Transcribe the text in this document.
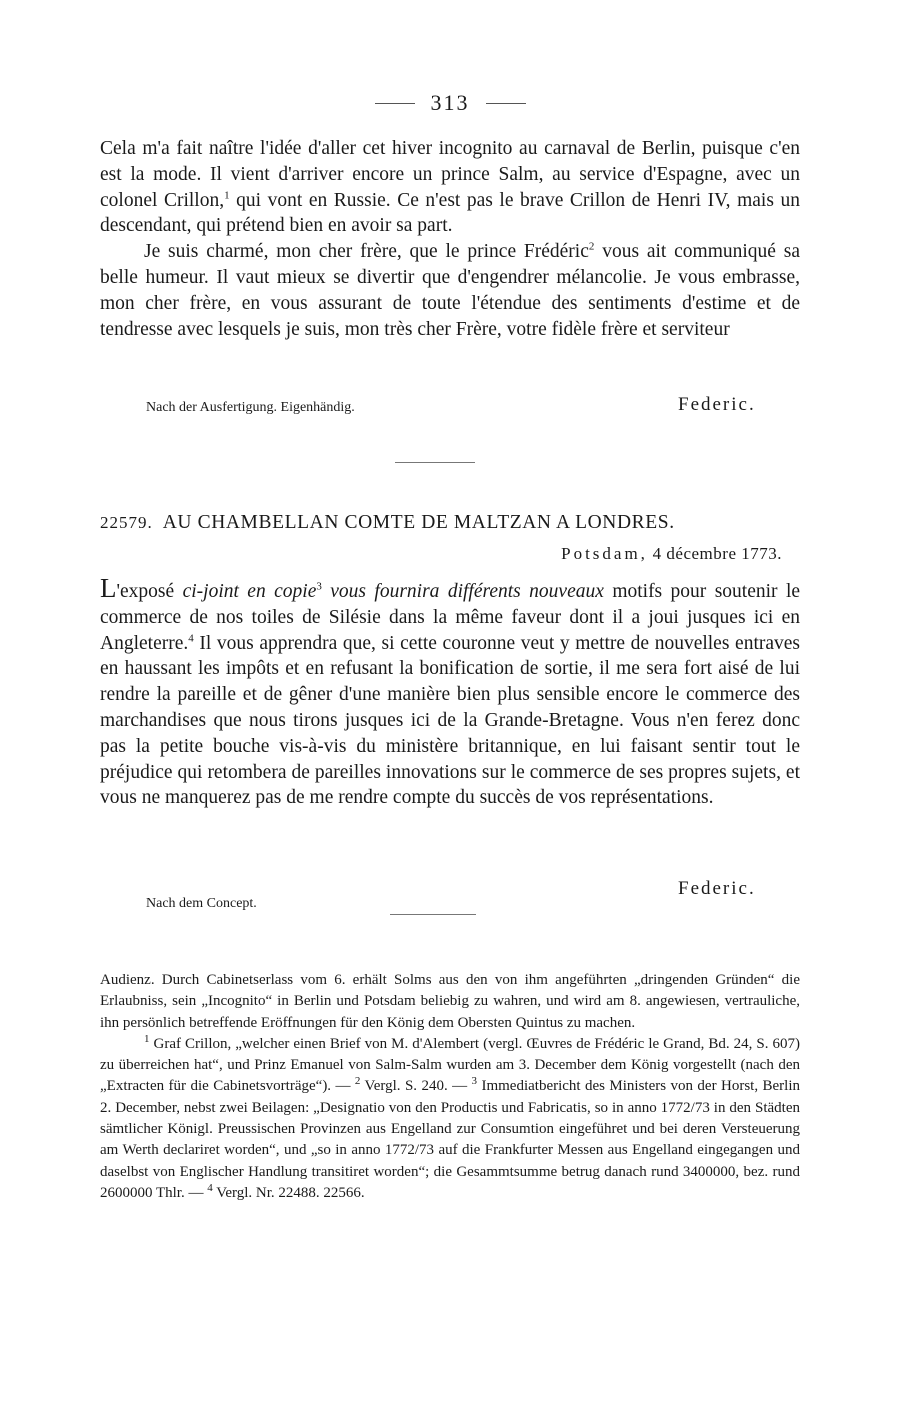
313

Cela m'a fait naître l'idée d'aller cet hiver incognito au carnaval de Berlin, puisque c'en est la mode. Il vient d'arriver encore un prince Salm, au service d'Espagne, avec un colonel Crillon,$^1$ qui vont en Russie. Ce n'est pas le brave Crillon de Henri IV, mais un descendant, qui prétend bien en avoir sa part.

Je suis charmé, mon cher frère, que le prince Frédéric$^2$ vous ait communiqué sa belle humeur. Il vaut mieux se divertir que d'engendrer mélancolie. Je vous embrasse, mon cher frère, en vous assurant de toute l'étendue des sentiments d'estime et de tendresse avec lesquels je suis, mon très cher Frère, votre fidèle frère et serviteur

Nach der Ausfertigung. Eigenhändig.	Federic.
22579. AU CHAMBELLAN COMTE DE MALTZAN A LONDRES.
Potsdam, 4 décembre 1773.

L'exposé ci-joint en copie$^3$ vous fournira différents nouveaux motifs pour soutenir le commerce de nos toiles de Silésie dans la même faveur dont il a joui jusques ici en Angleterre.$^4$ Il vous apprendra que, si cette couronne veut y mettre de nouvelles entraves en haussant les impôts et en refusant la bonification de sortie, il me sera fort aisé de lui rendre la pareille et de gêner d'une manière bien plus sensible encore le commerce des marchandises que nous tirons jusques ici de la Grande-Bretagne. Vous n'en ferez donc pas la petite bouche vis-à-vis du ministère britannique, en lui faisant sentir tout le préjudice qui retombera de pareilles innovations sur le commerce de ses propres sujets, et vous ne manquerez pas de me rendre compte du succès de vos représentations.

Federic.
Nach dem Concept.

Audienz. Durch Cabinetserlass vom 6. erhält Solms aus den von ihm angeführten „dringenden Gründen“ die Erlaubniss, sein „Incognito“ in Berlin und Potsdam beliebig zu wahren, und wird am 8. angewiesen, vertrauliche, ihn persönlich betreffende Eröffnungen für den König dem Obersten Quintus zu machen.

$^1$ Graf Crillon, „welcher einen Brief von M. d'Alembert (vergl. Œuvres de Frédéric le Grand, Bd. 24, S. 607) zu überreichen hat“, und Prinz Emanuel von Salm-Salm wurden am 3. December dem König vorgestellt (nach den „Extracten für die Cabinetsvorträge“). — $^2$ Vergl. S. 240. — $^3$ Immediatbericht des Ministers von der Horst, Berlin 2. December, nebst zwei Beilagen: „Designatio von den Productis und Fabricatis, so in anno 1772/73 in den Städten sämtlicher Königl. Preussischen Provinzen aus Engelland zur Consumtion eingeführet und bei deren Versteuerung am Werth declariret worden“, und „so in anno 1772/73 auf die Frankfurter Messen aus Engelland eingegangen und daselbst von Englischer Handlung transitiret worden“; die Gesammtsumme betrug danach rund 3400000, bez. rund 2600000 Thlr. — $^4$ Vergl. Nr. 22488. 22566.
